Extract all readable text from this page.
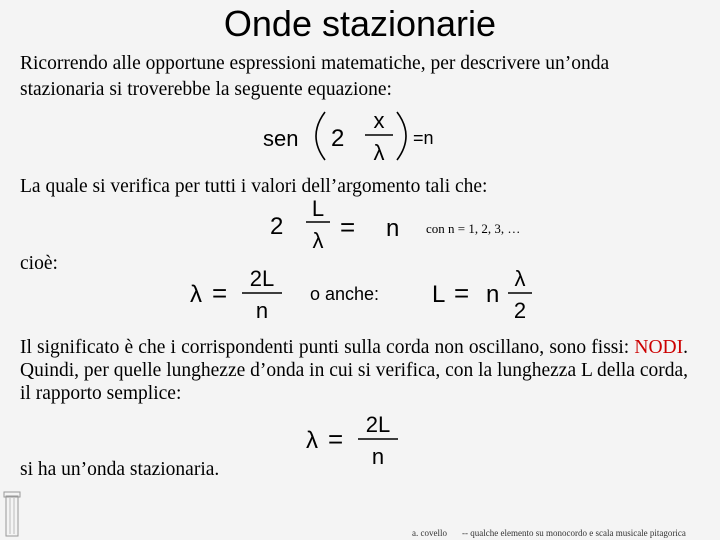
Onde stazionarie
Ricorrendo alle opportune espressioni matematiche, per descrivere un’onda
stazionaria si troverebbe la seguente equazione:
sen 2
x
λ
=n
La quale si verifica per tutti i valori dell’argomento tali che:
2
L
λ = n con n = 1, 2, 3, …
cioè:
λ = 2L
n
o anche: L = n
λ
2
Il significato è che i corrispondenti punti sulla corda non oscillano, sono fissi: NODI. Quindi, per quelle lunghezze d’onda in cui si verifica, con la lunghezza L della corda, il rapporto semplice:
λ = 2L
n
si ha un’onda stazionaria.
a. covello -- qualche elemento su monocordo e scala musicale pitagorica
